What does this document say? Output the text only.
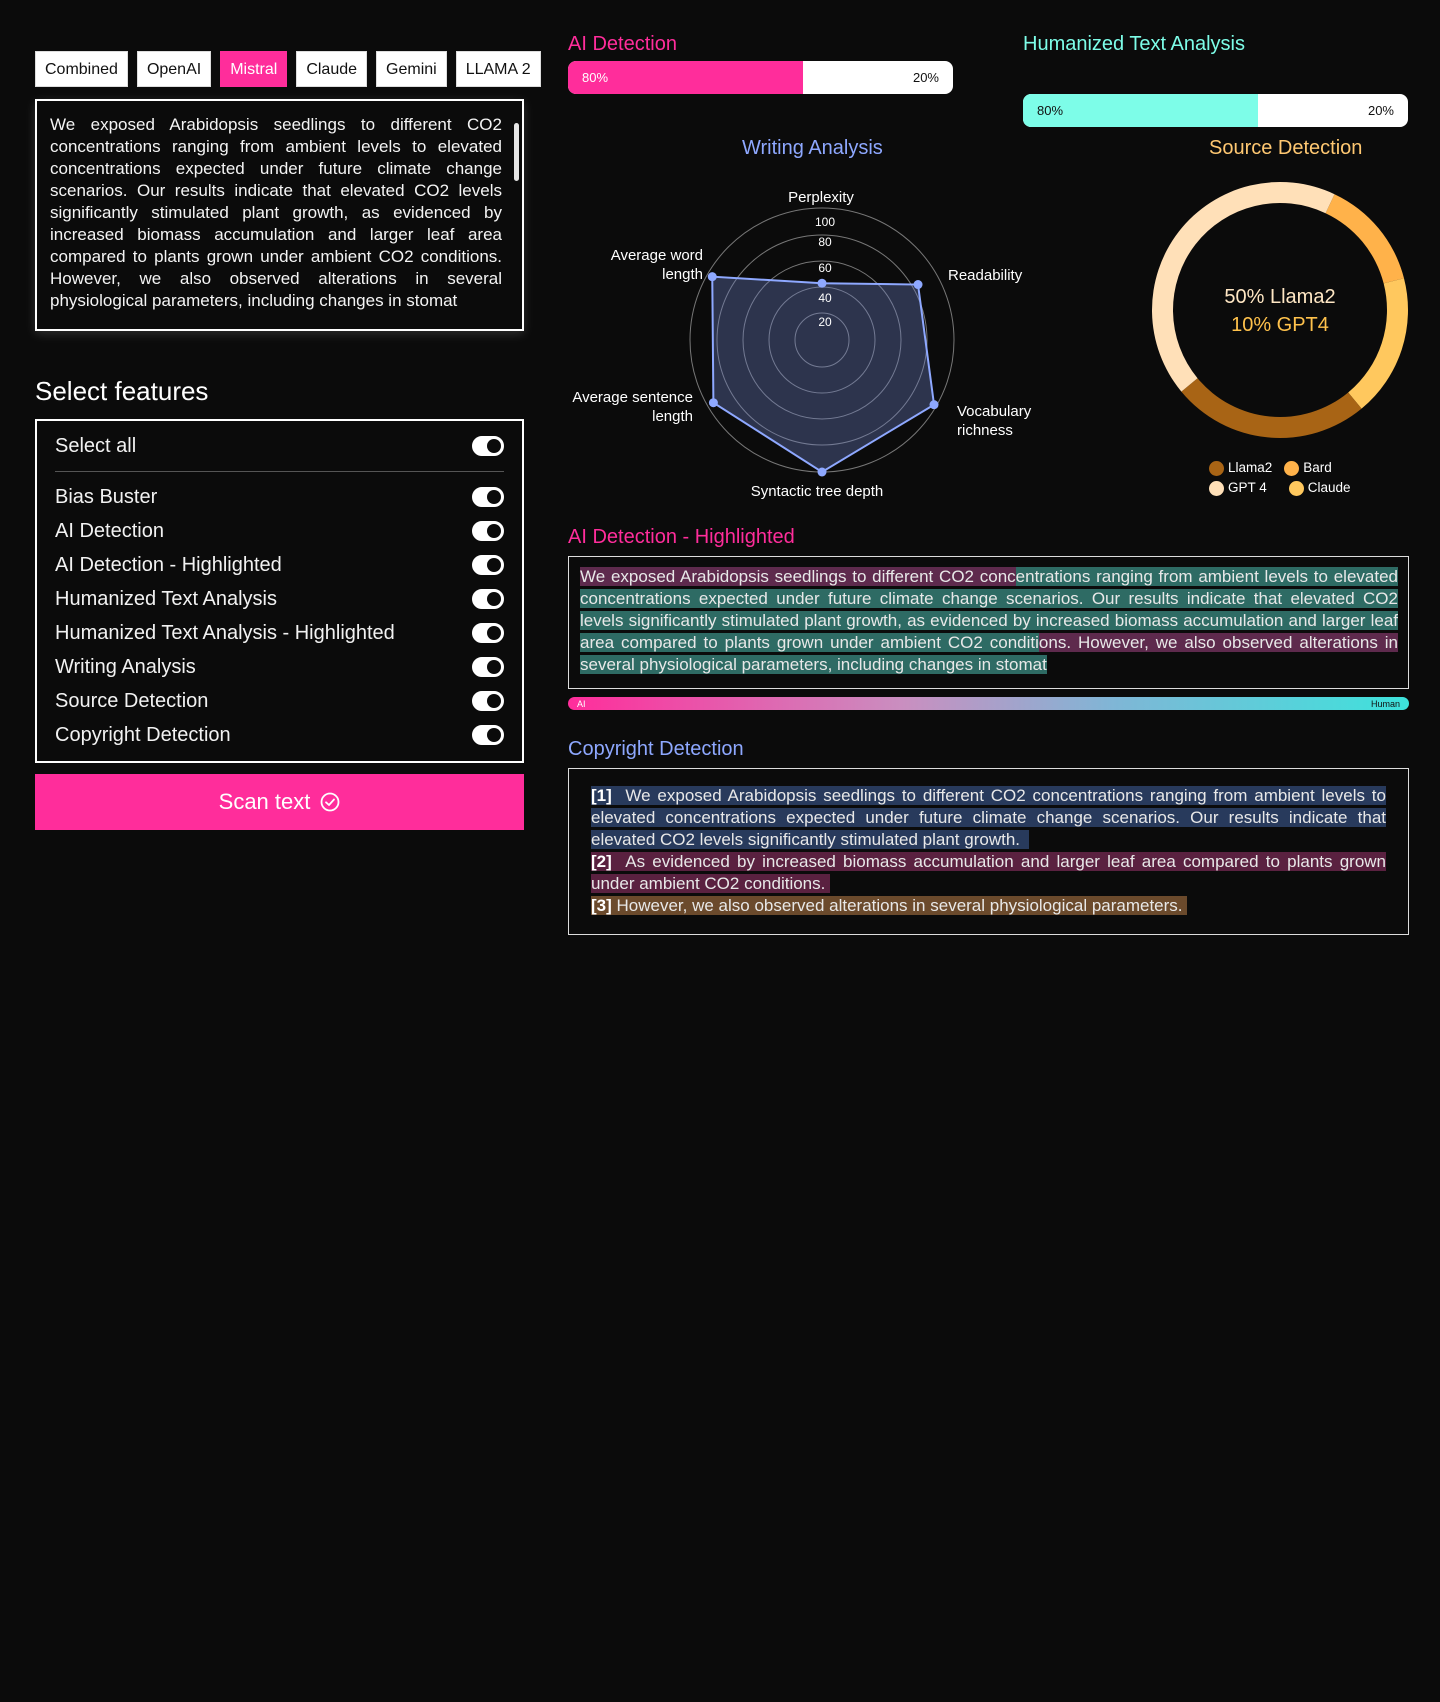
Combined	OpenAI	Mistral	Claude	Gemini	LLAMA 2

We exposed Arabidopsis seedlings to different CO2 concentrations ranging from ambient levels to elevated concentrations expected under future climate change scenarios. Our results indicate that elevated CO2 levels significantly stimulated plant growth, as evidenced by increased biomass accumulation and larger leaf area compared to plants grown under ambient CO2 conditions. However, we also observed alterations in several physiological parameters, including changes in stomat

Select features
Select all
Bias Buster
AI Detection
AI Detection - Highlighted
Humanized Text Analysis
Humanized Text Analysis - Highlighted
Writing Analysis
Source Detection
Copyright Detection
Scan text
AI Detection
80%	20%
Humanized Text Analysis
80%	20%
Writing Analysis
20
40
60
80
100
Perplexity
Readability
Vocabulary richness
Syntactic tree depth
Average sentence length
Average word length
Source Detection
50% Llama2
10% GPT4
Llama2	Bard
GPT 4	Claude
AI Detection - Highlighted

We exposed Arabidopsis seedlings to different CO2 concentrations ranging from ambient levels to elevated concentrations expected under future climate change scenarios. Our results indicate that elevated CO2 levels significantly stimulated plant growth, as evidenced by increased biomass accumulation and larger leaf area compared to plants grown under ambient CO2 conditions. However, we also observed alterations in several physiological parameters, including changes in stomat

AI	Human
Copyright Detection

[1] We exposed Arabidopsis seedlings to different CO2 concentrations ranging from ambient levels to elevated concentrations expected under future climate change scenarios. Our results indicate that elevated CO2 levels significantly stimulated plant growth.
[2] As evidenced by increased biomass accumulation and larger leaf area compared to plants grown under ambient CO2 conditions.
[3] However, we also observed alterations in several physiological parameters.
